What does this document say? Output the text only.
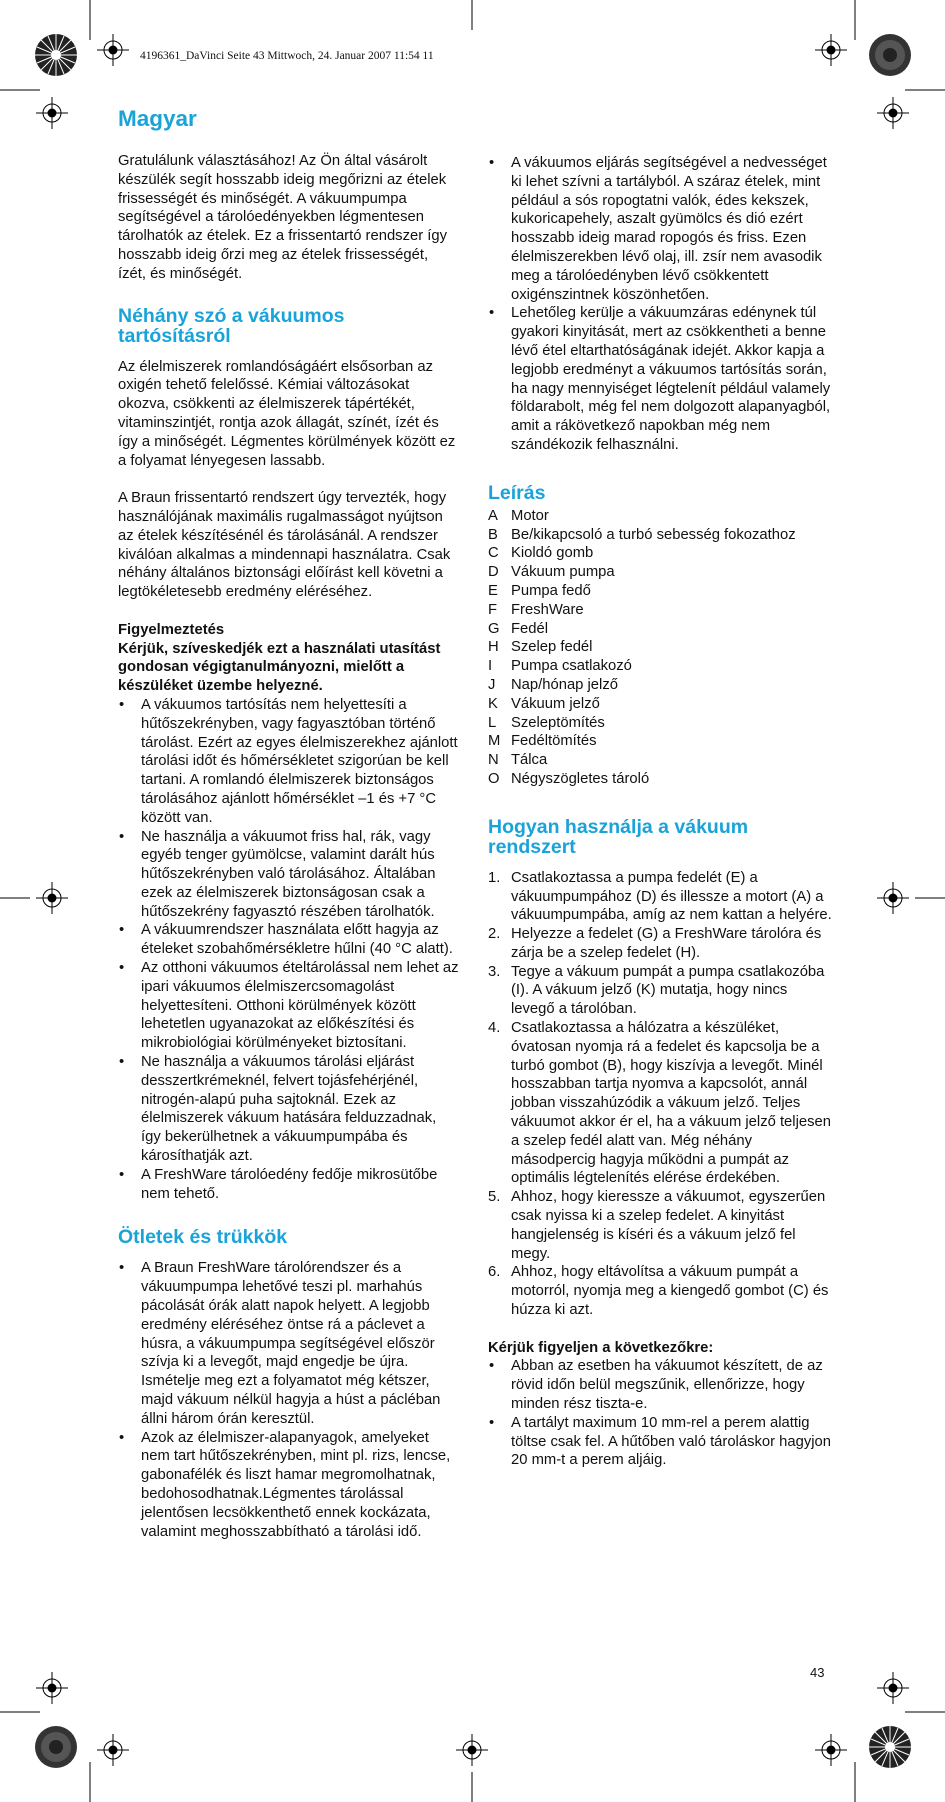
4196361_DaVinci Seite 43 Mittwoch, 24. Januar 2007 11:54 11
Magyar

Gratulálunk választásához! Az Ön által vásárolt készülék segít hosszabb ideig megőrizni az ételek frissességét és minőségét. A vákuumpumpa segítségével a tárolóedényekben légmentesen tárolhatók az ételek. Ez a frissentartó rendszer így hosszabb ideig őrzi meg az ételek frissességét, ízét, és minőségét.

Néhány szó a vákuumos tartósításról

Az élelmiszerek romlandóságáért elsősorban az oxigén tehető felelőssé. Kémiai változásokat okozva, csökkenti az élelmiszerek tápértékét, vitaminszintjét, rontja azok állagát, színét, ízét és így a minőségét. Légmentes körülmények között ez a folyamat lényegesen lassabb.

A Braun frissentartó rendszert úgy tervezték, hogy használójának maximális rugalmasságot nyújtson az ételek készítésénél és tárolásánál. A rendszer kiválóan alkalmas a mindennapi használatra. Csak néhány általános biztonsági előírást kell követni a legtökéletesebb eredmény eléréséhez.

Figyelmeztetés

Kérjük, szíveskedjék ezt a használati utasítást gondosan végigtanulmányozni, mielőtt a készüléket üzembe helyezné.

• A vákuumos tartósítás nem helyettesíti a hűtőszekrényben, vagy fagyasztóban történő tárolást. Ezért az egyes élelmiszerekhez ajánlott tárolási időt és hőmérsékletet szigorúan be kell tartani. A romlandó élelmiszerek biztonságos tárolásához ajánlott hőmérséklet –1 és +7 °C között van.
• Ne használja a vákuumot friss hal, rák, vagy egyéb tenger gyümölcse, valamint darált hús hűtőszekrényben való tárolásához. Általában ezek az élelmiszerek biztonságosan csak a hűtőszekrény fagyasztó részében tárolhatók.
• A vákuumrendszer használata előtt hagyja az ételeket szobahőmérsékletre hűlni (40 °C alatt).
• Az otthoni vákuumos ételtárolással nem lehet az ipari vákuumos élelmiszercsomagolást helyettesíteni. Otthoni körülmények között lehetetlen ugyanazokat az előkészítési és mikrobiológiai körülményeket biztosítani.
• Ne használja a vákuumos tárolási eljárást desszertkrémeknél, felvert tojásfehérjénél, nitrogén-alapú puha sajtoknál. Ezek az élelmiszerek vákuum hatására felduzzadnak, így bekerülhetnek a vákuumpumpába és károsíthatják azt.
• A FreshWare tárolóedény fedője mikrosütőbe nem tehető.
Ötletek és trükkök
• A Braun FreshWare tárolórendszer és a vákuumpumpa lehetővé teszi pl. marhahús pácolását órák alatt napok helyett. A legjobb eredmény eléréséhez öntse rá a páclevet a húsra, a vákuumpumpa segítségével először szívja ki a levegőt, majd engedje be újra. Ismételje meg ezt a folyamatot még kétszer, majd vákuum nélkül hagyja a húst a pácléban állni három órán keresztül.
• Azok az élelmiszer-alapanyagok, amelyeket nem tart hűtőszekrényben, mint pl. rizs, lencse, gabonafélék és liszt hamar megromolhatnak, bedohosodhatnak.Légmentes tárolással jelentősen lecsökkenthető ennek kockázata, valamint meghosszabbítható a tárolási idő.
• A vákuumos eljárás segítségével a nedvességet ki lehet szívni a tartályból. A száraz ételek, mint például a sós ropogtatni valók, édes kekszek, kukoricapehely, aszalt gyümölcs és dió ezért hosszabb ideig marad ropogós és friss. Ezen élelmiszerekben lévő olaj, ill. zsír nem avasodik meg a tárolóedényben lévő csökkentett oxigénszintnek köszönhetően.
• Lehetőleg kerülje a vákuumzáras edénynek túl gyakori kinyitását, mert az csökkentheti a benne lévő étel eltarthatóságának idejét. Akkor kapja a legjobb eredményt a vákuumos tartósítás során, ha nagy mennyiséget légtelenít például valamely földarabolt, még fel nem dolgozott alapanyagból, amit a rákövetkező napokban még nem szándékozik felhasználni.
Leírás
A Motor
B Be/kikapcsoló a turbó sebesség fokozathoz
C Kioldó gomb
D Vákuum pumpa
E Pumpa fedő
F FreshWare
G Fedél
H Szelep fedél
I	Pumpa csatlakozó
J	Nap/hónap jelző
K Vákuum jelző
L Szeleptömítés
M Fedéltömítés
N Tálca
O Négyszögletes tároló
Hogyan használja a vákuum rendszert
1. Csatlakoztassa a pumpa fedelét (E) a vákuumpumpához (D) és illessze a motort (A) a vákuumpumpába, amíg az nem kattan a helyére.
2. Helyezze a fedelet (G) a FreshWare tárolóra és zárja be a szelep fedelet (H).
3. Tegye a vákuum pumpát a pumpa csatlakozóba (I). A vákuum jelző (K) mutatja, hogy nincs levegő a tárolóban.
4. Csatlakoztassa a hálózatra a készüléket, óvatosan nyomja rá a fedelet és kapcsolja be a turbó gombot (B), hogy kiszívja a levegőt. Minél hosszabban tartja nyomva a kapcsolót, annál jobban visszahúzódik a vákuum jelző. Teljes vákuumot akkor ér el, ha a vákuum jelző teljesen a szelep fedél alatt van. Még néhány másodpercig hagyja működni a pumpát az optimális légtelenítés elérése érdekében.
5. Ahhoz, hogy kieressze a vákuumot, egyszerűen csak nyissa ki a szelep fedelet. A kinyitást hangjelenség is kíséri és a vákuum jelző fel megy.
6. Ahhoz, hogy eltávolítsa a vákuum pumpát a motorról, nyomja meg a kiengedő gombot (C) és húzza ki azt.
Kérjük figyeljen a következőkre:
• Abban az esetben ha vákuumot készített, de az rövid időn belül megszűnik, ellenőrizze, hogy minden rész tiszta-e.
• A tartályt maximum 10 mm-rel a perem alattig töltse csak fel. A hűtőben való tároláskor hagyjon 20 mm-t a perem aljáig.
43
